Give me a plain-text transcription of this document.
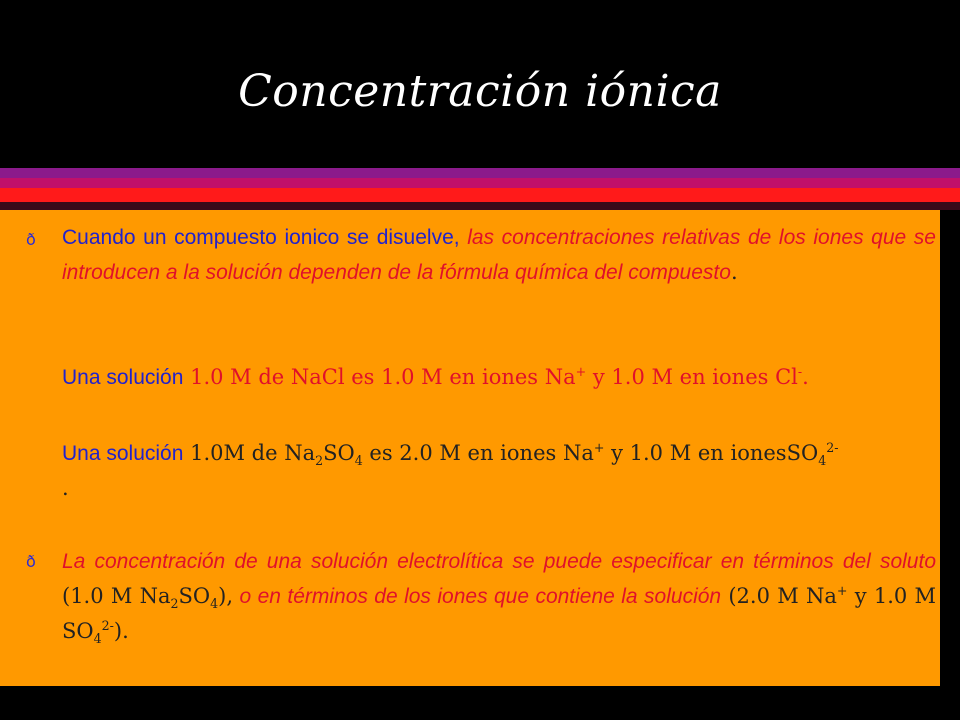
Concentración iónica
ð Cuando un compuesto ionico se disuelve, las concentraciones relativas de los iones que se introducen a la solución dependen de la fórmula química del compuesto.
Una solución 1.0 M de NaCl es 1.0 M en iones Na+ y 1.0 M en iones Cl-.
Una solución 1.0M de $Na_2SO_4$ es 2.0 M en iones Na+ y 1.0 M en ionesSO$_4^{2-}$
.
ð La concentración de una solución electrolítica se puede especificar en términos del soluto (1.0 M $Na_2SO_4$), o en términos de los iones que contiene la solución (2.0 M Na+ y 1.0 M $SO_4^{2-}$).
